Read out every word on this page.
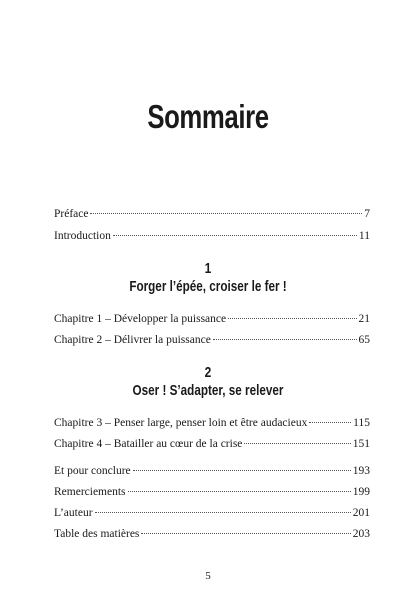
Sommaire
Préface	7
Introduction	11
1
Forger l’épée, croiser le fer !
Chapitre 1 – Développer la puissance	21
Chapitre 2 – Délivrer la puissance	65
2
Oser ! S’adapter, se relever
Chapitre 3 – Penser large, penser loin et être audacieux	115
Chapitre 4 – Batailler au cœur de la crise	151
Et pour conclure	193
Remerciements	199
L’auteur	201
Table des matières	203
5
